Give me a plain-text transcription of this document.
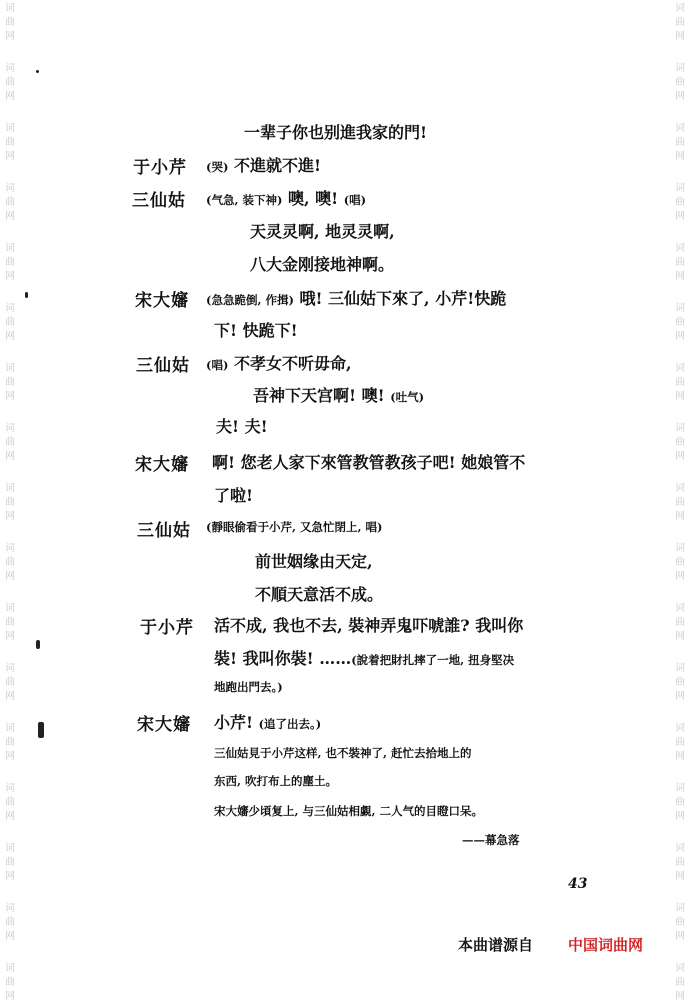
词
曲
网
词
曲
网
词
曲
网
词
曲
网
词
曲
网
词
曲
网
词
曲
网
词
曲
网
词
曲
网
词
曲
网
词
曲
网
词
曲
网
词
曲
网
词
曲
网
词
曲
网
词
曲
网
词
曲
网
词
曲
网
词
曲
网
词
曲
网
词
曲
网
词
曲
网
词
曲
网
词
曲
网
词
曲
网
词
曲
网
词
曲
网
词
曲
网
词
曲
网
词
曲
网
词
曲
网
词
曲
网
词
曲
网
词
曲
网
一辈子你也别進我家的門!
于小芹 (哭) 不進就不進!
三仙姑 (气急, 装下神) 噢, 噢! (唱)
天灵灵啊, 地灵灵啊,
八大金刚接地神啊。
宋大嬸 (急急跪倒, 作揖) 哦! 三仙姑下來了, 小芹!快跪
下! 快跪下!
三仙姑 (唱) 不孝女不听毋命,
吾神下天宫啊! 噢! (吐气)
夫! 夫!
宋大嬸 啊! 您老人家下來管教管教孩子吧! 她娘管不
了啦!
三仙姑 (靜眼偷看于小芹, 又急忙閉上, 唱)
前世姻缘由天定,
不順天意活不成。
于小芹 活不成, 我也不去, 裝神弄鬼吓唬誰? 我叫你
裝! 我叫你裝! ……(說着把財扎摔了一地, 扭身堅决
地跑出門去。)
宋大嬸 小芹! (追了出去。)
三仙姑見于小芹这样, 也不裝神了, 赶忙去拾地上的
东西, 吹打布上的塵土。
宋大嬸少頃复上, 与三仙姑相覷, 二人气的目瞪口呆。
——幕急落
43
本曲谱源自 中国词曲网
